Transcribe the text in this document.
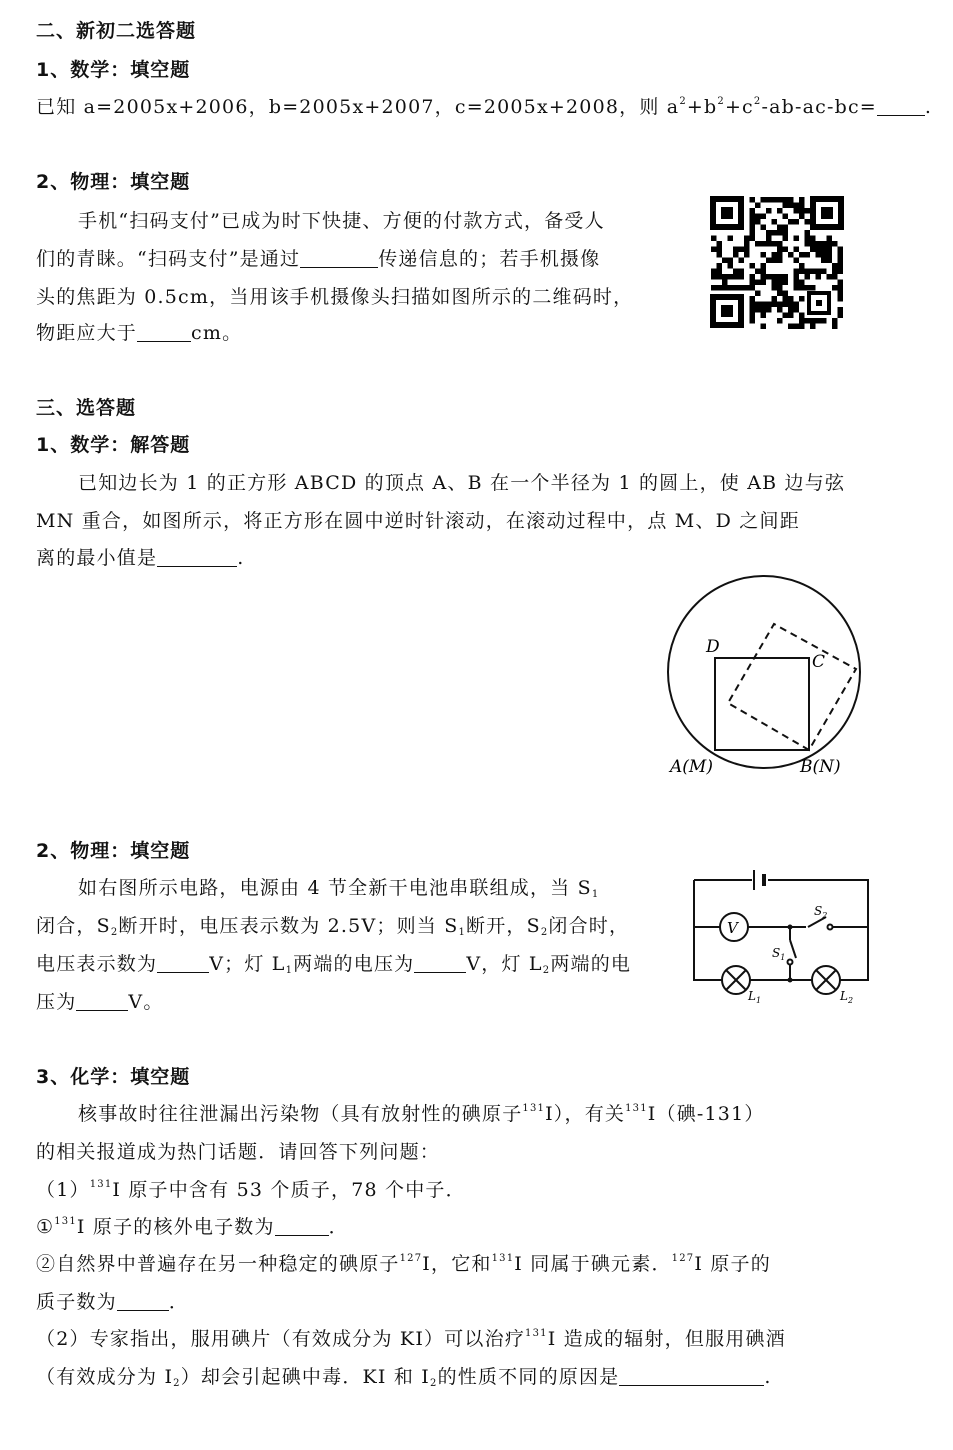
二、新初二选答题
1、数学：填空题
已知 a=2005x+2006，b=2005x+2007，c=2005x+2008，则 $a^2+b^2+c^2-ab-ac-bc=$	.
2、物理：填空题
手机“扫码支付”已成为时下快捷、方便的付款方式，备受人
们的青睐。“扫码支付”是通过	传递信息的；若手机摄像
头的焦距为 0.5cm，当用该手机摄像头扫描如图所示的二维码时，
物距应大于	cm。
三、选答题
1、数学：解答题
已知边长为 1 的正方形 ABCD 的顶点 A、B 在一个半径为 1 的圆上，使 AB 边与弦
MN 重合，如图所示，将正方形在圆中逆时针滚动，在滚动过程中，点 M、D 之间距
离的最小值是	.
D
C
A(M)	B(N)
2、物理：填空题
如右图所示电路，电源由 4 节全新干电池串联组成，当 $S_1$
闭合，$S_2$断开时，电压表示数为 2.5V；则当 $S_1$断开，$S_2$闭合时，
电压表示数为	V；灯 $L_1$两端的电压为	V，灯 $L_2$两端的电
压为	V。
V
$S_2$
$S_1$
$L_1$	$L_2$
3、化学：填空题
核事故时往往泄漏出污染物（具有放射性的碘原子$^{131}$I），有关$^{131}$I（碘-131）
的相关报道成为热门话题．请回答下列问题：
$(1)^{131}I$ 原子中含有 53 个质子，78 个中子．
①$^{131}$I 原子的核外电子数为	．
②自然界中普遍存在另一种稳定的碘原子$^{127}$I，它和$^{131}$I 同属于碘元素．$^{127}$I 原子的
质子数为	．
（2）专家指出，服用碘片（有效成分为 KI）可以治疗$^{131}$I 造成的辐射，但服用碘酒
（有效成分为 $I_2$）却会引起碘中毒．KI 和 $I_2$的性质不同的原因是	.
